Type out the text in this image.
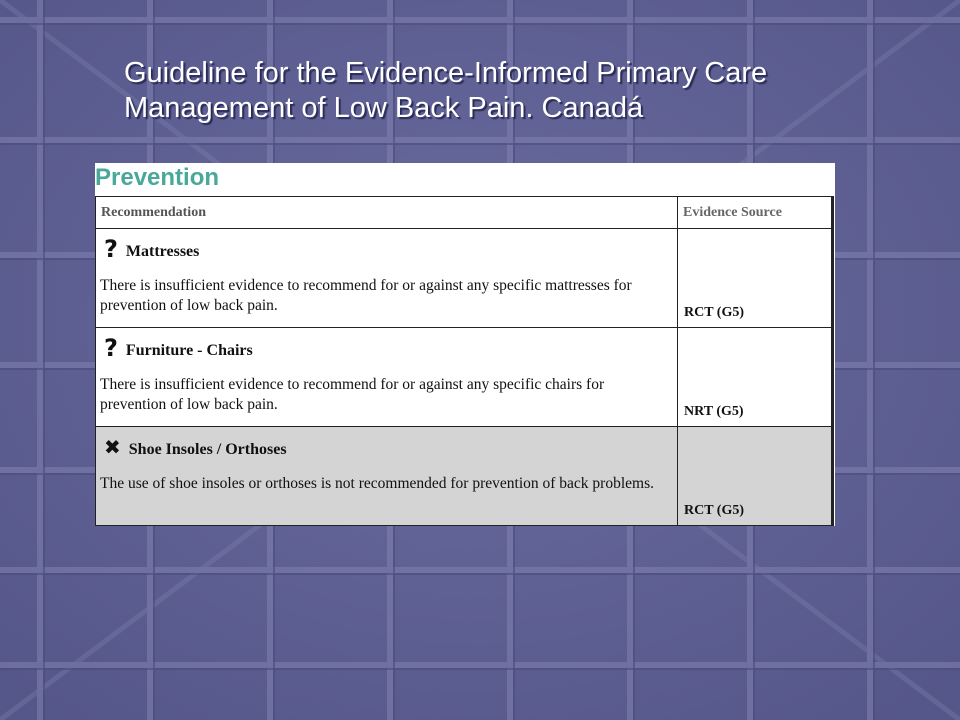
Guideline for the Evidence-Informed Primary Care
Management of Low Back Pain. Canadá
Prevention
Recommendation	Evidence Source

? Mattresses
There is insufficient evidence to recommend for or against any specific mattresses for prevention of low back pain.	RCT (G5)

? Furniture - Chairs
There is insufficient evidence to recommend for or against any specific chairs for prevention of low back pain.	NRT (G5)

✖ Shoe Insoles / Orthoses
The use of shoe insoles or orthoses is not recommended for prevention of back problems.	RCT (G5)
